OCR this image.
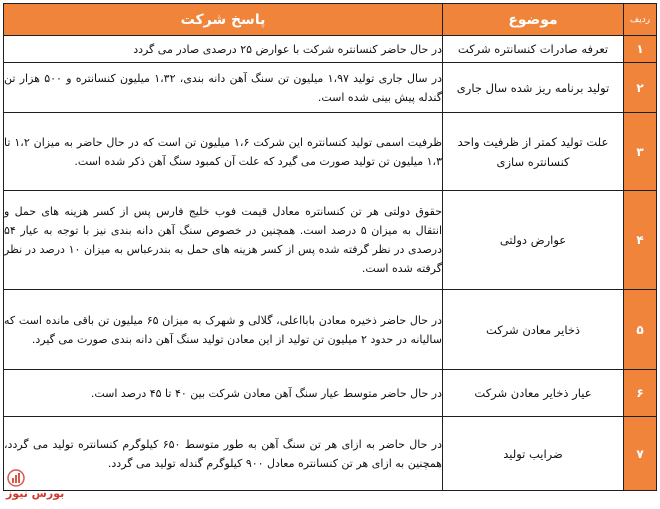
ردیف	موضوع	پاسخ شرکت
۱	تعرفه صادرات کنسانتره شرکت	در حال حاضر کنسانتره شرکت با عوارض ۲۵ درصدی صادر می گردد
۲	تولید برنامه ریز شده سال جاری	در سال جاری تولید ۱،۹۷ میلیون تن سنگ آهن دانه بندی، ۱،۳۲ میلیون کنسانتره و ۵۰۰ هزار تن گندله پیش بینی شده است.
۳	علت تولید کمتر از ظرفیت واحد کنسانتره سازی	ظرفیت اسمی تولید کنسانتره این شرکت ۱،۶ میلیون تن است که در حال حاضر به میزان ۱،۲ تا ۱،۳ میلیون تن تولید صورت می گیرد که علت آن کمبود سنگ آهن ذکر شده است.
۴	عوارض دولتی	حقوق دولتی هر تن کنسانتره معادل قیمت فوب خلیج فارس پس از کسر هزینه های حمل و انتقال به میزان ۵ درصد است. همچنین در خصوص سنگ آهن دانه بندی نیز با توجه به عیار ۵۴ درصدی در نظر گرفته شده پس از کسر هزینه های حمل به بندرعباس به میزان ۱۰ درصد در نظر گرفته شده است.
۵	ذخایر معادن شرکت	در حال حاضر ذخیره معادن بابااعلی، گلالی و شهرک به میزان ۶۵ میلیون تن باقی مانده است که سالیانه در حدود ۲ میلیون تن تولید از این معادن تولید سنگ آهن دانه بندی صورت می گیرد.
۶	عیار ذخایر معادن شرکت	در حال حاضر متوسط عیار سنگ آهن معادن شرکت بین ۴۰ تا ۴۵ درصد است.
۷	ضرایب تولید	در حال حاضر به ازای هر تن سنگ آهن به طور متوسط ۶۵۰ کیلوگرم کنسانتره تولید می گردد، همچنین به ازای هر تن کنسانتره معادل ۹۰۰ کیلوگرم گندله تولید می گردد.
بورس نیوز
